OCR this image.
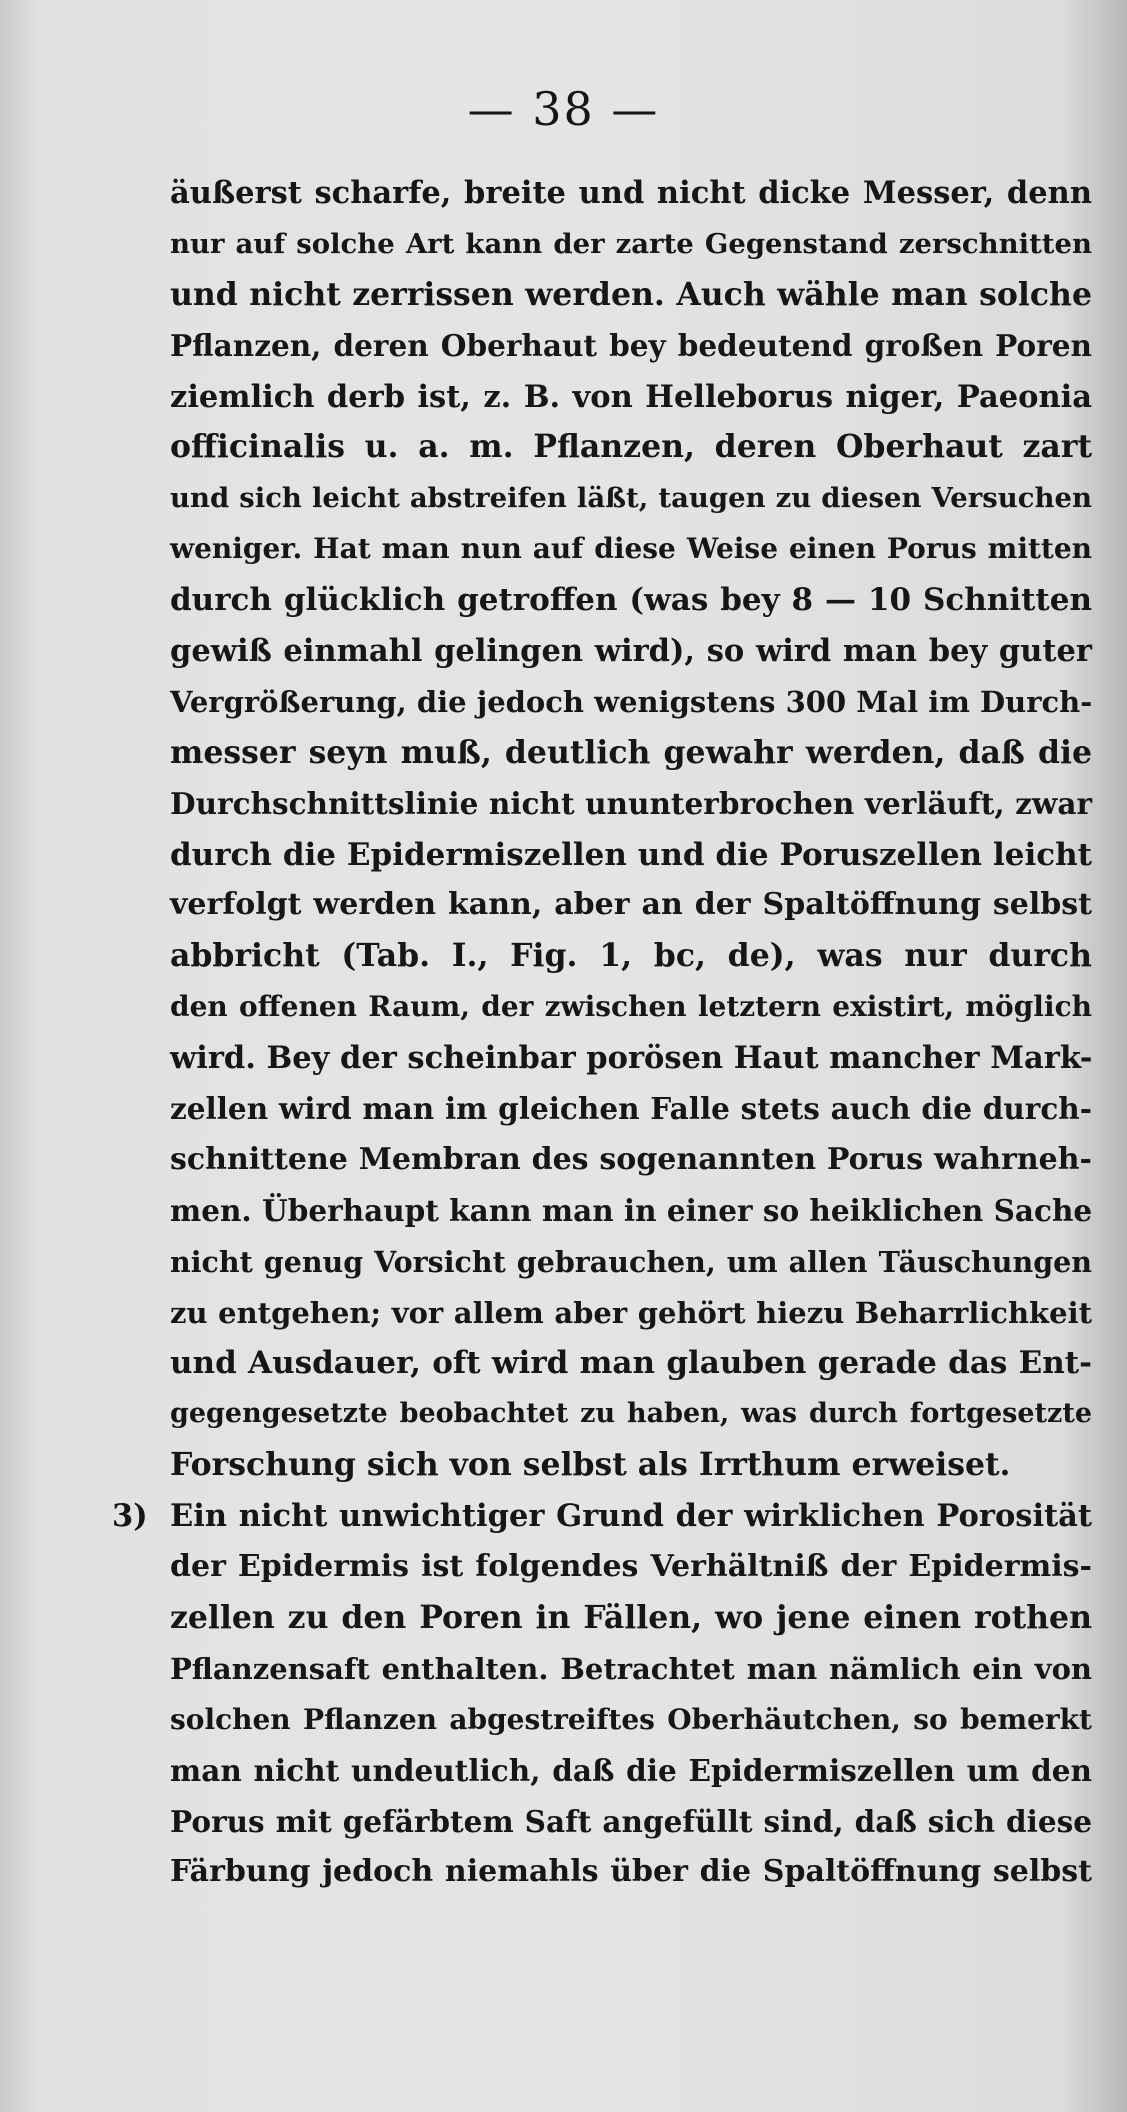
— 38 —
äußerst scharfe, breite und nicht dicke Messer, denn
nur auf solche Art kann der zarte Gegenstand zerschnitten
und nicht zerrissen werden. Auch wähle man solche
Pflanzen, deren Oberhaut bey bedeutend großen Poren
ziemlich derb ist, z. B. von Helleborus niger, Paeonia
officinalis u. a. m. Pflanzen, deren Oberhaut zart
und sich leicht abstreifen läßt, taugen zu diesen Versuchen
weniger. Hat man nun auf diese Weise einen Porus mitten
durch glücklich getroffen (was bey 8 — 10 Schnitten
gewiß einmahl gelingen wird), so wird man bey guter
Vergrößerung, die jedoch wenigstens 300 Mal im Durch-
messer seyn muß, deutlich gewahr werden, daß die
Durchschnittslinie nicht ununterbrochen verläuft, zwar
durch die Epidermiszellen und die Poruszellen leicht
verfolgt werden kann, aber an der Spaltöffnung selbst
abbricht (Tab. I., Fig. 1, bc, de), was nur durch
den offenen Raum, der zwischen letztern existirt, möglich
wird. Bey der scheinbar porösen Haut mancher Mark-
zellen wird man im gleichen Falle stets auch die durch-
schnittene Membran des sogenannten Porus wahrneh-
men. Überhaupt kann man in einer so heiklichen Sache
nicht genug Vorsicht gebrauchen, um allen Täuschungen
zu entgehen; vor allem aber gehört hiezu Beharrlichkeit
und Ausdauer, oft wird man glauben gerade das Ent-
gegengesetzte beobachtet zu haben, was durch fortgesetzte
Forschung sich von selbst als Irrthum erweiset.
3) Ein nicht unwichtiger Grund der wirklichen Porosität
der Epidermis ist folgendes Verhältniß der Epidermis-
zellen zu den Poren in Fällen, wo jene einen rothen
Pflanzensaft enthalten. Betrachtet man nämlich ein von
solchen Pflanzen abgestreiftes Oberhäutchen, so bemerkt
man nicht undeutlich, daß die Epidermiszellen um den
Porus mit gefärbtem Saft angefüllt sind, daß sich diese
Färbung jedoch niemahls über die Spaltöffnung selbst
